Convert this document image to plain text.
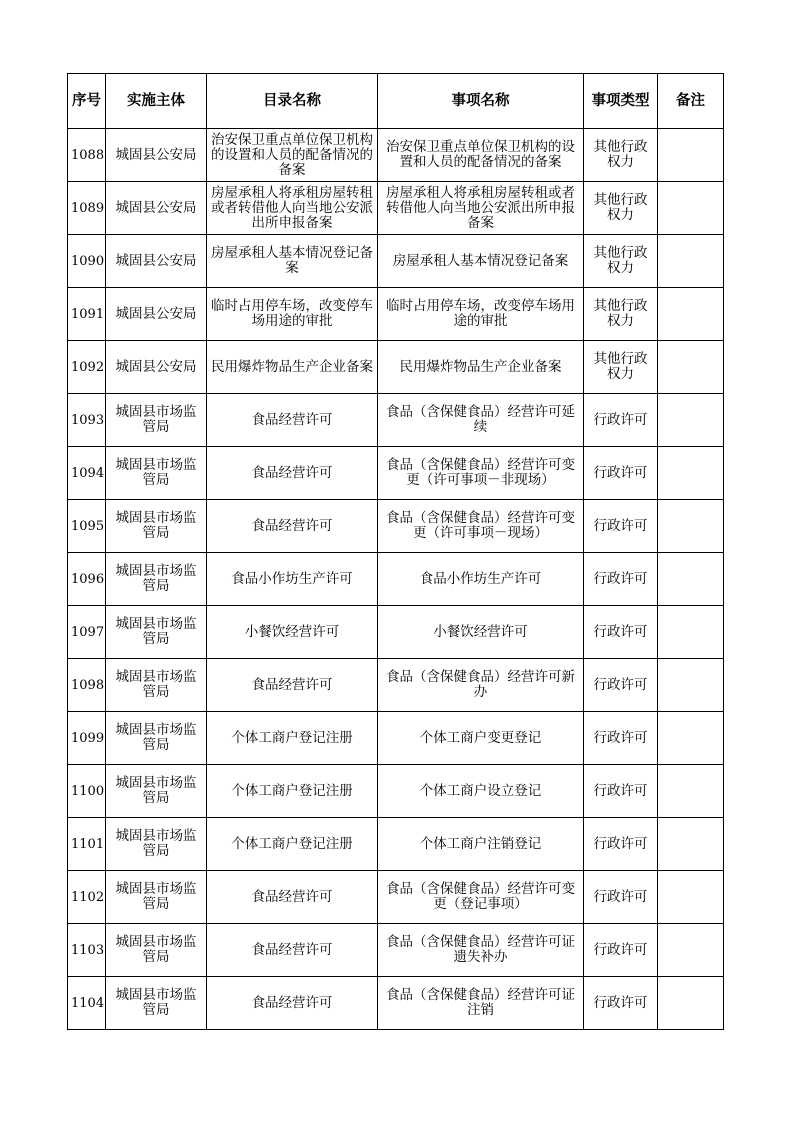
序号	实施主体	目录名称	事项名称	事项类型	备注
1088	城固县公安局	治安保卫重点单位保卫机构的设置和人员的配备情况的备案	治安保卫重点单位保卫机构的设置和人员的配备情况的备案	其他行政权力	
1089	城固县公安局	房屋承租人将承租房屋转租或者转借他人向当地公安派出所申报备案	房屋承租人将承租房屋转租或者转借他人向当地公安派出所申报备案	其他行政权力	
1090	城固县公安局	房屋承租人基本情况登记备案	房屋承租人基本情况登记备案	其他行政权力	
1091	城固县公安局	临时占用停车场，改变停车场用途的审批	临时占用停车场，改变停车场用途的审批	其他行政权力	
1092	城固县公安局	民用爆炸物品生产企业备案	民用爆炸物品生产企业备案	其他行政权力	
1093	城固县市场监管局	食品经营许可	食品（含保健食品）经营许可延续	行政许可	
1094	城固县市场监管局	食品经营许可	食品（含保健食品）经营许可变更（许可事项－非现场）	行政许可	
1095	城固县市场监管局	食品经营许可	食品（含保健食品）经营许可变更（许可事项－现场）	行政许可	
1096	城固县市场监管局	食品小作坊生产许可	食品小作坊生产许可	行政许可	
1097	城固县市场监管局	小餐饮经营许可	小餐饮经营许可	行政许可	
1098	城固县市场监管局	食品经营许可	食品（含保健食品）经营许可新办	行政许可	
1099	城固县市场监管局	个体工商户登记注册	个体工商户变更登记	行政许可	
1100	城固县市场监管局	个体工商户登记注册	个体工商户设立登记	行政许可	
1101	城固县市场监管局	个体工商户登记注册	个体工商户注销登记	行政许可	
1102	城固县市场监管局	食品经营许可	食品（含保健食品）经营许可变更（登记事项）	行政许可	
1103	城固县市场监管局	食品经营许可	食品（含保健食品）经营许可证遗失补办	行政许可	
1104	城固县市场监管局	食品经营许可	食品（含保健食品）经营许可证注销	行政许可	
